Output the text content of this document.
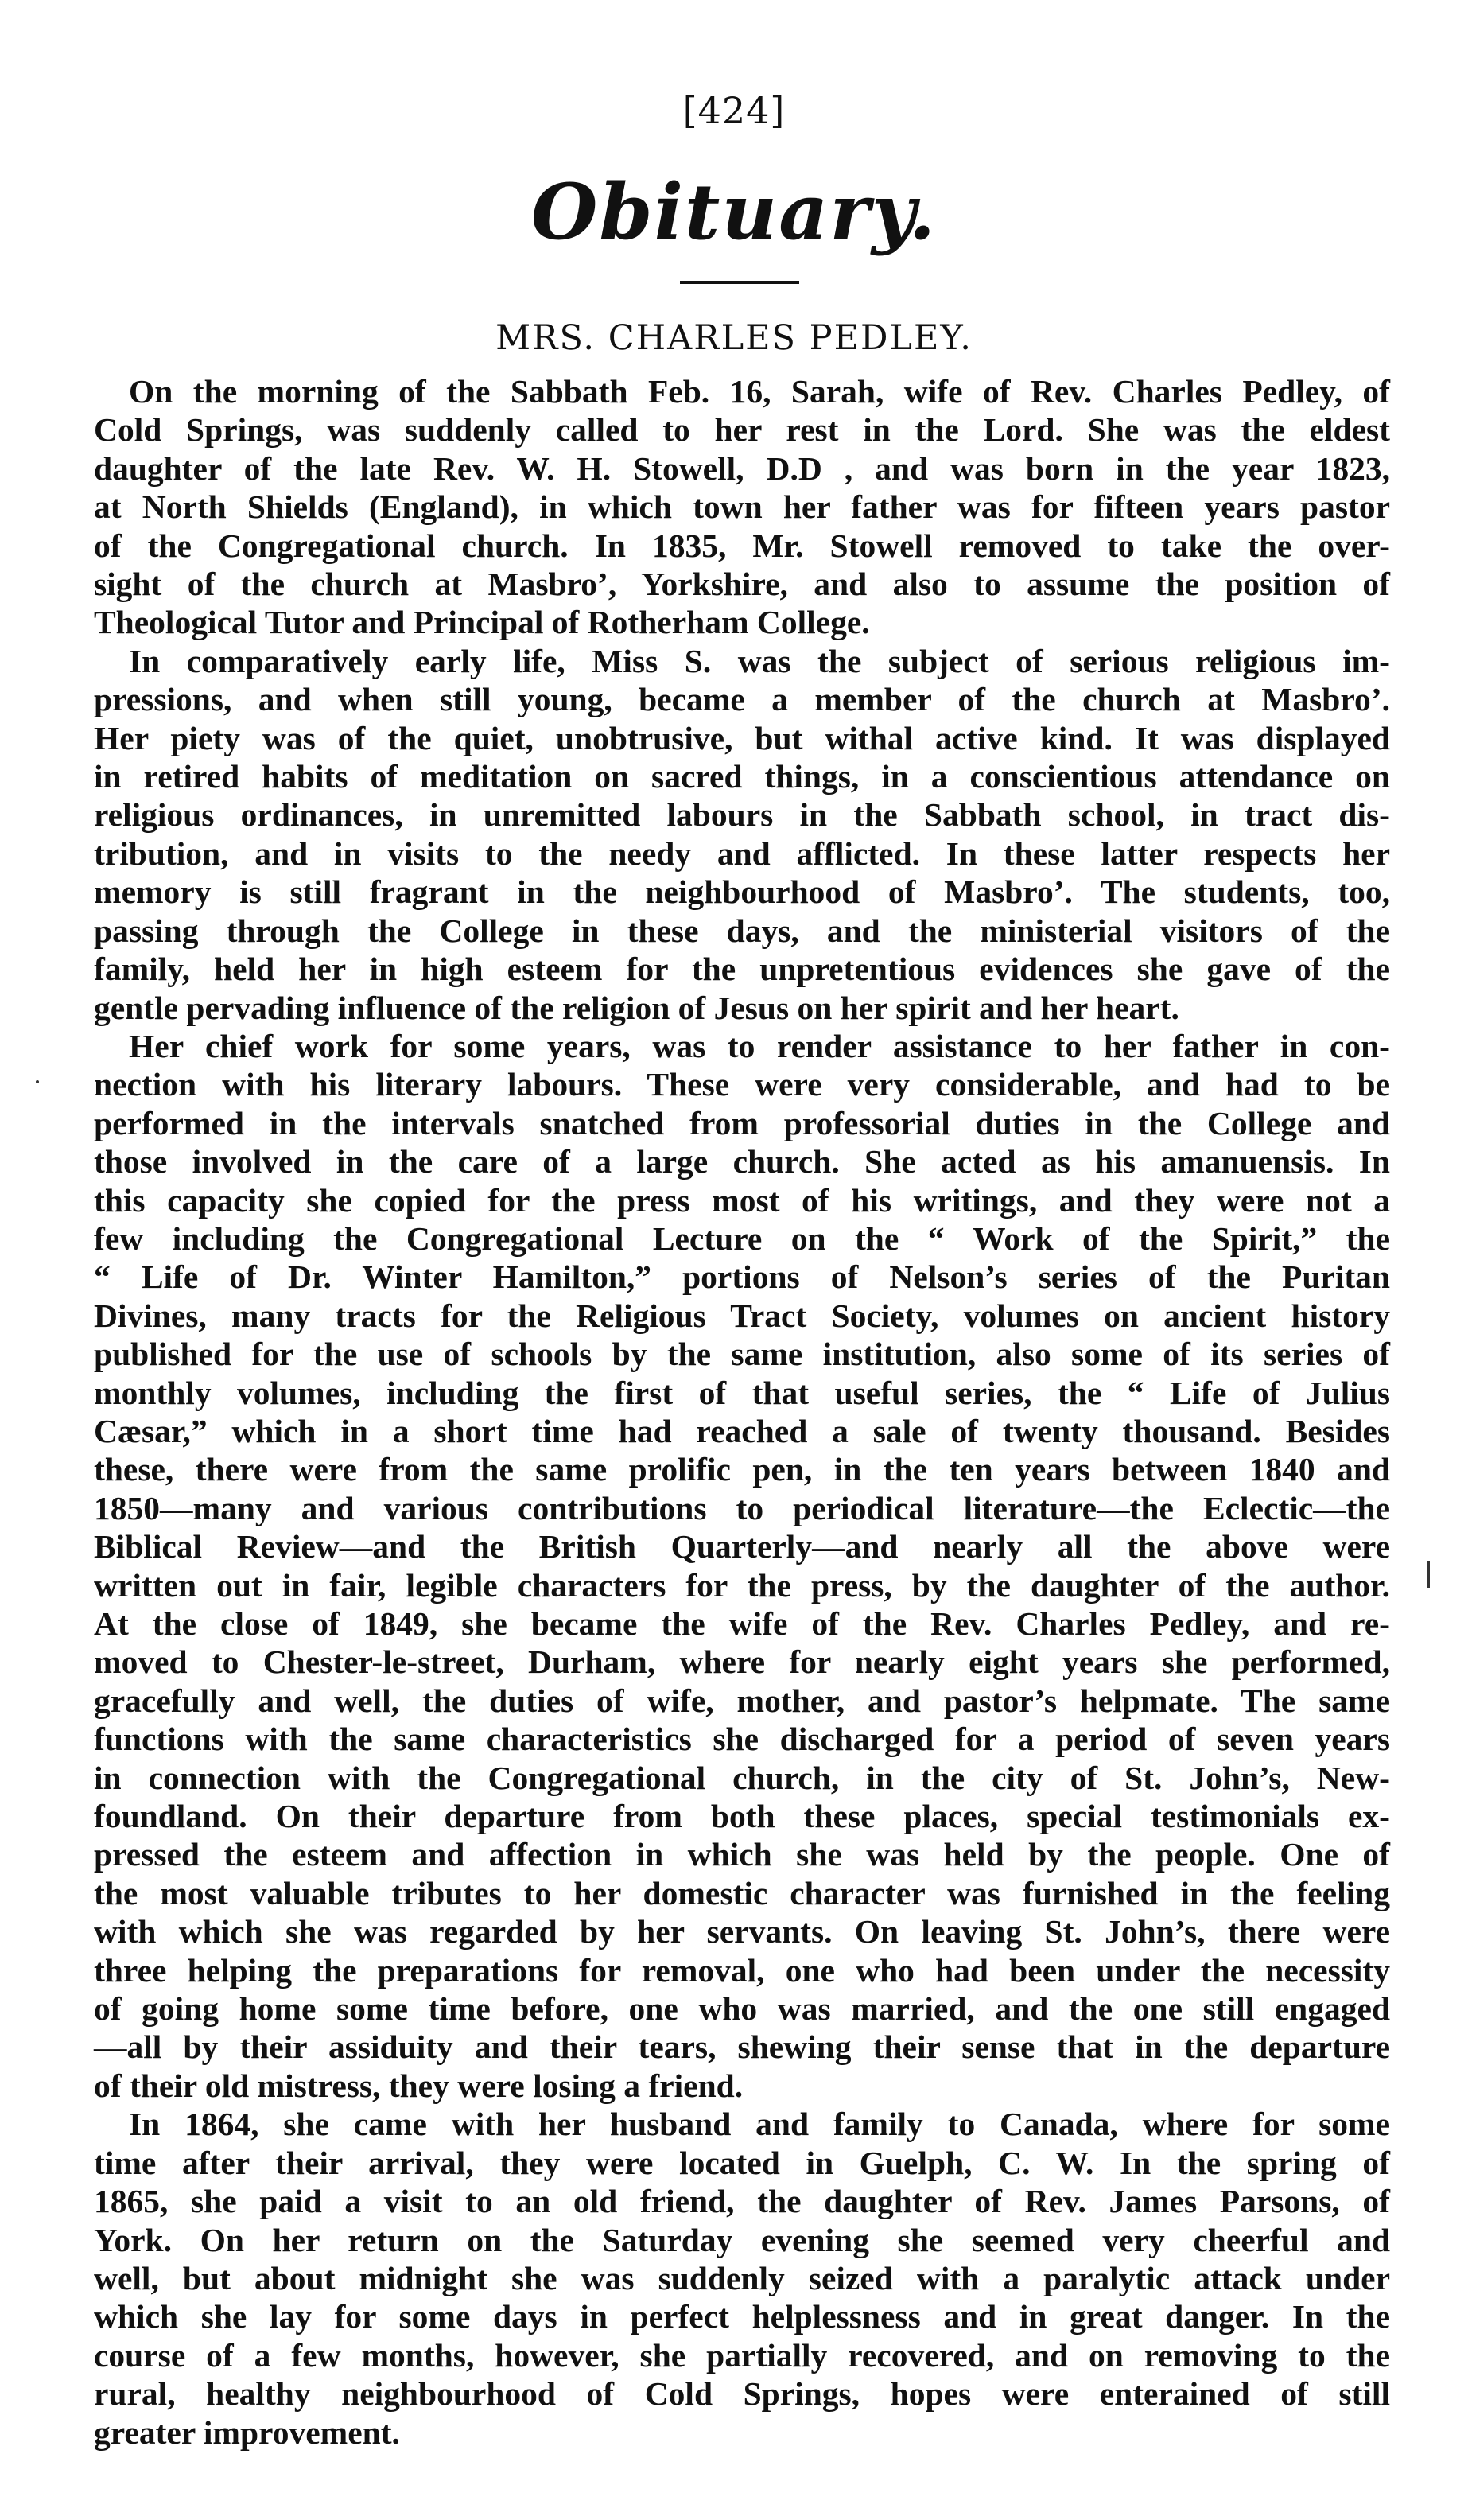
[424]
Obituary.
MRS. CHARLES PEDLEY.

On the morning of the Sabbath Feb. 16, Sarah, wife of Rev. Charles Pedley, of
Cold Springs, was suddenly called to her rest in the Lord. She was the eldest
daughter of the late Rev. W. H. Stowell, D.D , and was born in the year 1823,
at North Shields (England), in which town her father was for fifteen years pastor
of the Congregational church. In 1835, Mr. Stowell removed to take the over-
sight of the church at Masbro’, Yorkshire, and also to assume the position of
Theological Tutor and Principal of Rotherham College.

In comparatively early life, Miss S. was the subject of serious religious im-
pressions, and when still young, became a member of the church at Masbro’.
Her piety was of the quiet, unobtrusive, but withal active kind. It was displayed
in retired habits of meditation on sacred things, in a conscientious attendance on
religious ordinances, in unremitted labours in the Sabbath school, in tract dis-
tribution, and in visits to the needy and afflicted. In these latter respects her
memory is still fragrant in the neighbourhood of Masbro’. The students, too,
passing through the College in these days, and the ministerial visitors of the
family, held her in high esteem for the unpretentious evidences she gave of the
gentle pervading influence of the religion of Jesus on her spirit and her heart.

Her chief work for some years, was to render assistance to her father in con-
nection with his literary labours. These were very considerable, and had to be
performed in the intervals snatched from professorial duties in the College and
those involved in the care of a large church. She acted as his amanuensis. In
this capacity she copied for the press most of his writings, and they were not a
few including the Congregational Lecture on the “ Work of the Spirit,” the
“ Life of Dr. Winter Hamilton,” portions of Nelson’s series of the Puritan
Divines, many tracts for the Religious Tract Society, volumes on ancient history
published for the use of schools by the same institution, also some of its series of
monthly volumes, including the first of that useful series, the “ Life of Julius
Cæsar,” which in a short time had reached a sale of twenty thousand. Besides
these, there were from the same prolific pen, in the ten years between 1840 and
1850—many and various contributions to periodical literature—the Eclectic—the
Biblical Review—and the British Quarterly—and nearly all the above were
written out in fair, legible characters for the press, by the daughter of the author.
At the close of 1849, she became the wife of the Rev. Charles Pedley, and re-
moved to Chester-le-street, Durham, where for nearly eight years she performed,
gracefully and well, the duties of wife, mother, and pastor’s helpmate. The same
functions with the same characteristics she discharged for a period of seven years
in connection with the Congregational church, in the city of St. John’s, New-
foundland. On their departure from both these places, special testimonials ex-
pressed the esteem and affection in which she was held by the people. One of
the most valuable tributes to her domestic character was furnished in the feeling
with which she was regarded by her servants. On leaving St. John’s, there were
three helping the preparations for removal, one who had been under the necessity
of going home some time before, one who was married, and the one still engaged
—all by their assiduity and their tears, shewing their sense that in the departure
of their old mistress, they were losing a friend.

In 1864, she came with her husband and family to Canada, where for some
time after their arrival, they were located in Guelph, C. W. In the spring of
1865, she paid a visit to an old friend, the daughter of Rev. James Parsons, of
York. On her return on the Saturday evening she seemed very cheerful and
well, but about midnight she was suddenly seized with a paralytic attack under
which she lay for some days in perfect helplessness and in great danger. In the
course of a few months, however, she partially recovered, and on removing to the
rural, healthy neighbourhood of Cold Springs, hopes were enterained of still
greater improvement.
